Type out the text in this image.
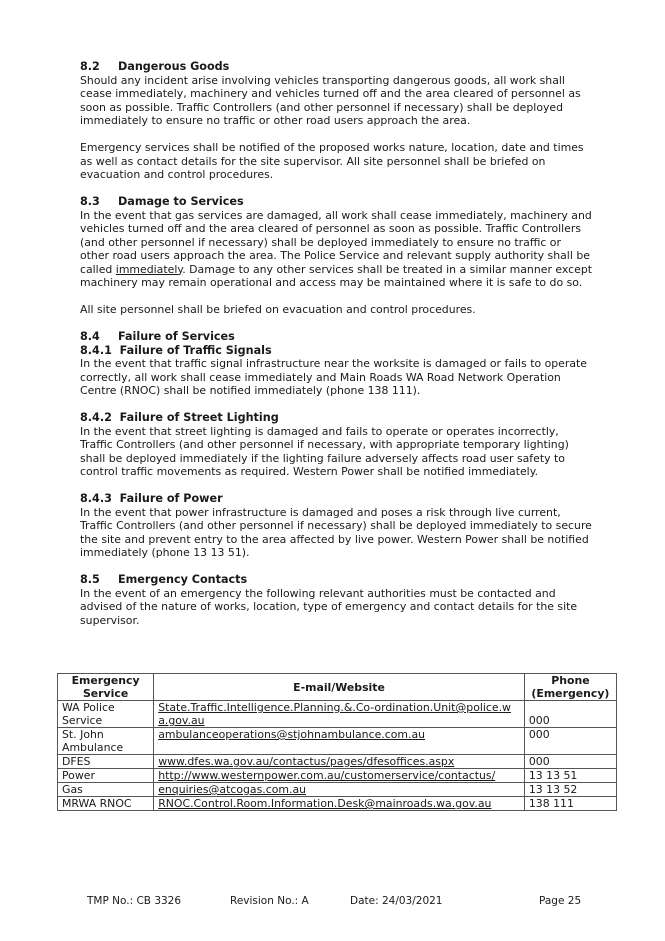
8.2 Dangerous Goods

Should any incident arise involving vehicles transporting dangerous goods, all work shall cease immediately, machinery and vehicles turned off and the area cleared of personnel as soon as possible. Traffic Controllers (and other personnel if necessary) shall be deployed immediately to ensure no traffic or other road users approach the area.

Emergency services shall be notified of the proposed works nature, location, date and times as well as contact details for the site supervisor. All site personnel shall be briefed on evacuation and control procedures.

8.3 Damage to Services

In the event that gas services are damaged, all work shall cease immediately, machinery and vehicles turned off and the area cleared of personnel as soon as possible. Traffic Controllers (and other personnel if necessary) shall be deployed immediately to ensure no traffic or other road users approach the area. The Police Service and relevant supply authority shall be called immediately. Damage to any other services shall be treated in a similar manner except machinery may remain operational and access may be maintained where it is safe to do so.

All site personnel shall be briefed on evacuation and control procedures.

8.4 Failure of Services
8.4.1 Failure of Traffic Signals

In the event that traffic signal infrastructure near the worksite is damaged or fails to operate correctly, all work shall cease immediately and Main Roads WA Road Network Operation Centre (RNOC) shall be notified immediately (phone 138 111).

8.4.2 Failure of Street Lighting

In the event that street lighting is damaged and fails to operate or operates incorrectly, Traffic Controllers (and other personnel if necessary, with appropriate temporary lighting) shall be deployed immediately if the lighting failure adversely affects road user safety to control traffic movements as required. Western Power shall be notified immediately.

8.4.3 Failure of Power

In the event that power infrastructure is damaged and poses a risk through live current, Traffic Controllers (and other personnel if necessary) shall be deployed immediately to secure the site and prevent entry to the area affected by live power. Western Power shall be notified immediately (phone 13 13 51).

8.5 Emergency Contacts

In the event of an emergency the following relevant authorities must be contacted and advised of the nature of works, location, type of emergency and contact details for the site supervisor.

Emergency Service	E-mail/Website	Phone (Emergency)
WA Police Service	State.Traffic.Intelligence.Planning.&.Co-ordination.Unit@police.wa.gov.au	000
St. John Ambulance	ambulanceoperations@stjohnambulance.com.au	000
DFES	www.dfes.wa.gov.au/contactus/pages/dfesoffices.aspx	000
Power	http://www.westernpower.com.au/customerservice/contactus/	13 13 51
Gas	enquiries@atcogas.com.au	13 13 52
MRWA RNOC	RNOC.Control.Room.Information.Desk@mainroads.wa.gov.au	138 111
TMP No.: CB 3326	Revision No.: A	Date: 24/03/2021	Page 25
